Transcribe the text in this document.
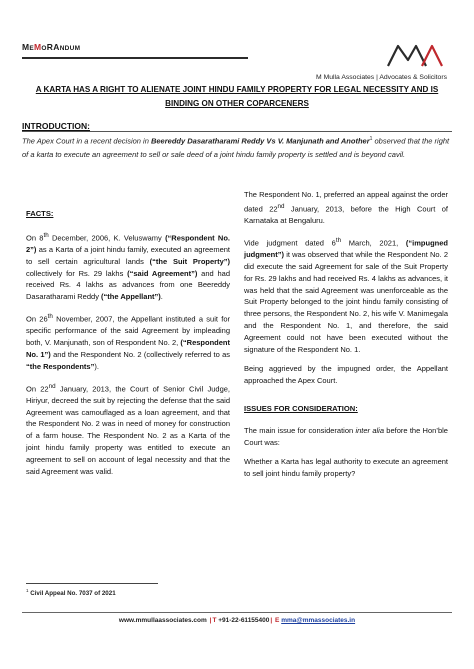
MEMORANDUM
M Mulla Associates | Advocates & Solicitors
A KARTA HAS A RIGHT TO ALIENATE JOINT HINDU FAMILY PROPERTY FOR LEGAL NECESSITY AND IS BINDING ON OTHER COPARCENERS
INTRODUCTION:
The Apex Court in a recent decision in Beereddy Dasaratharami Reddy Vs V. Manjunath and Another$^1$ observed that the right of a karta to execute an agreement to sell or sale deed of a joint hindu family property is settled and is beyond cavil.
FACTS:

On 8th December, 2006, K. Veluswamy (“Respondent No. 2”) as a Karta of a joint hindu family, executed an agreement to sell certain agricultural lands (“the Suit Property”) collectively for Rs. 29 lakhs (“said Agreement”) and had received Rs. 4 lakhs as advances from one Beereddy Dasaratharami Reddy (“the Appellant”).

On 26th November, 2007, the Appellant instituted a suit for specific performance of the said Agreement by impleading both, V. Manjunath, son of Respondent No. 2, (“Respondent No. 1”) and the Respondent No. 2 (collectively referred to as “the Respondents”).

On 22nd January, 2013, the Court of Senior Civil Judge, Hiriyur, decreed the suit by rejecting the defense that the said Agreement was camouflaged as a loan agreement, and that the Respondent No. 2 was in need of money for construction of a farm house. The Respondent No. 2 as a Karta of the joint hindu family property was entitled to execute an agreement to sell on account of legal necessity and that the said Agreement was valid.

The Respondent No. 1, preferred an appeal against the order dated 22nd January, 2013, before the High Court of Karnataka at Bengaluru.

Vide judgment dated 6th March, 2021, (“impugned judgment”) it was observed that while the Respondent No. 2 did execute the said Agreement for sale of the Suit Property for Rs. 29 lakhs and had received Rs. 4 lakhs as advances, it was held that the said Agreement was unenforceable as the Suit Property belonged to the joint hindu family consisting of three persons, the Respondent No. 2, his wife V. Manimegala and the Respondent No. 1, and therefore, the said Agreement could not have been executed without the signature of the Respondent No. 1.

Being aggrieved by the impugned order, the Appellant approached the Apex Court.

ISSUES FOR CONSIDERATION:

The main issue for consideration inter alia before the Hon’ble Court was:

Whether a Karta has legal authority to execute an agreement to sell joint hindu family property?

$^1$ Civil Appeal No. 7037 of 2021
www.mmullaassociates.com |T +91-22-61155400| E mma@mmassociates.in
